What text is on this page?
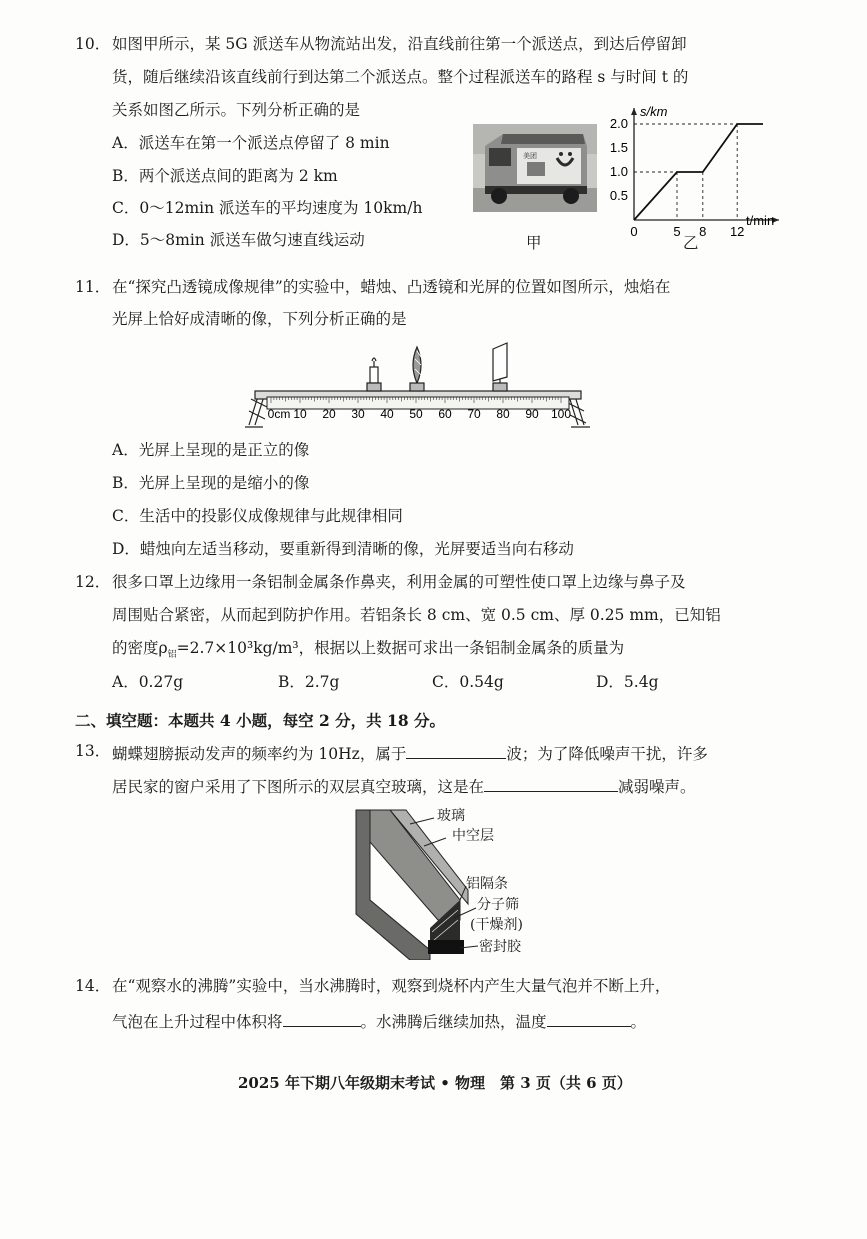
10． 如图甲所示，某 5G 派送车从物流站出发，沿直线前往第一个派送点，到达后停留卸
货，随后继续沿该直线前行到达第二个派送点。整个过程派送车的路程 s 与时间 t 的
关系如图乙所示。下列分析正确的是
A．派送车在第一个派送点停留了 8 min
B．两个派送点间的距离为 2 km
C．0～12min 派送车的平均速度为 10km/h
D．5～8min 派送车做匀速直线运动
美团
甲
s/km
t/min
0.5
1.0
1.5
2.0
0	5 8 12
乙
11． 在“探究凸透镜成像规律”的实验中，蜡烛、凸透镜和光屏的位置如图所示，烛焰在
光屏上恰好成清晰的像，下列分析正确的是
0cm 10 20 30 40 50 60 70 80 90 100
A．光屏上呈现的是正立的像
B．光屏上呈现的是缩小的像
C．生活中的投影仪成像规律与此规律相同
D．蜡烛向左适当移动，要重新得到清晰的像，光屏要适当向右移动
12． 很多口罩上边缘用一条铝制金属条作鼻夹，利用金属的可塑性使口罩上边缘与鼻子及
周围贴合紧密，从而起到防护作用。若铝条长 8 cm、宽 0.5 cm、厚 0.25 mm，已知铝
的密度$\rho_铝=2.7\times 10^3kg/m^3$，根据以上数据可求出一条铝制金属条的质量为
A．0.27g	B．2.7g	C．0.54g	D．5.4g
二、填空题：本题共 4 小题，每空 2 分，共 18 分。
13． 蝴蝶翅膀振动发声的频率约为 10Hz，属于	波；为了降低噪声干扰，许多
居民家的窗户采用了下图所示的双层真空玻璃，这是在	减弱噪声。
玻璃
中空层
铝隔条
分子筛
(干燥剂)
密封胶
14． 在“观察水的沸腾”实验中，当水沸腾时，观察到烧杯内产生大量气泡并不断上升，
气泡在上升过程中体积将	。水沸腾后继续加热，温度	。
2025 年下期八年级期末考试 • 物理　第 3 页（共 6 页）
